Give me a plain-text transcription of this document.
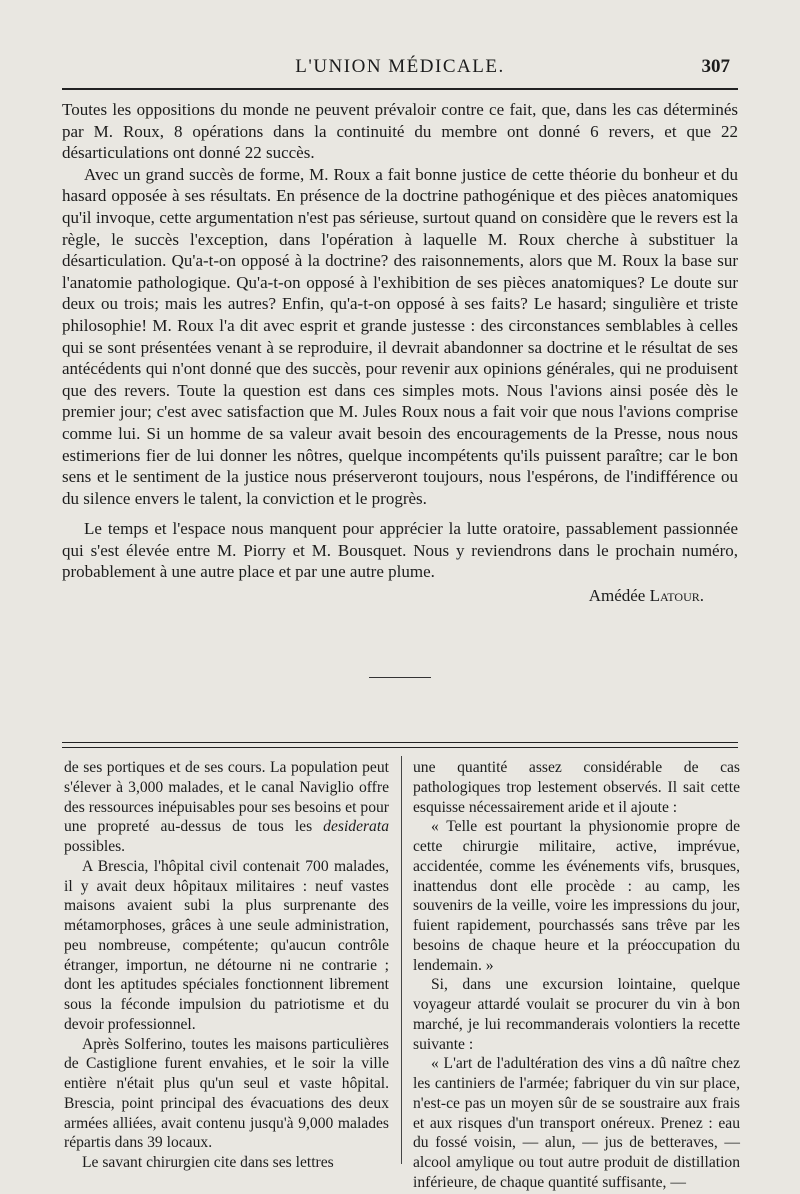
L'UNION MÉDICALE.	307

Toutes les oppositions du monde ne peuvent prévaloir contre ce fait, que, dans les cas déterminés par M. Roux, 8 opérations dans la continuité du membre ont donné 6 revers, et que 22 désarticulations ont donné 22 succès.

Avec un grand succès de forme, M. Roux a fait bonne justice de cette théorie du bonheur et du hasard opposée à ses résultats. En présence de la doctrine pathogénique et des pièces anatomiques qu'il invoque, cette argumentation n'est pas sérieuse, surtout quand on considère que le revers est la règle, le succès l'exception, dans l'opération à laquelle M. Roux cherche à substituer la désarticulation. Qu'a-t-on opposé à la doctrine? des raisonnements, alors que M. Roux la base sur l'anatomie pathologique. Qu'a-t-on opposé à l'exhibition de ses pièces anatomiques? Le doute sur deux ou trois; mais les autres? Enfin, qu'a-t-on opposé à ses faits? Le hasard; singulière et triste philosophie! M. Roux l'a dit avec esprit et grande justesse : des circonstances semblables à celles qui se sont présentées venant à se reproduire, il devrait abandonner sa doctrine et le résultat de ses antécédents qui n'ont donné que des succès, pour revenir aux opinions générales, qui ne produisent que des revers. Toute la question est dans ces simples mots. Nous l'avions ainsi posée dès le premier jour; c'est avec satisfaction que M. Jules Roux nous a fait voir que nous l'avions comprise comme lui. Si un homme de sa valeur avait besoin des encouragements de la Presse, nous nous estimerions fier de lui donner les nôtres, quelque incompétents qu'ils puissent paraître; car le bon sens et le sentiment de la justice nous préserveront toujours, nous l'espérons, de l'indifférence ou du silence envers le talent, la conviction et le progrès.

Le temps et l'espace nous manquent pour apprécier la lutte oratoire, passablement passionnée qui s'est élevée entre M. Piorry et M. Bousquet. Nous y reviendrons dans le prochain numéro, probablement à une autre place et par une autre plume.

Amédée Latour.

de ses portiques et de ses cours. La population peut s'élever à 3,000 malades, et le canal Naviglio offre des ressources inépuisables pour ses besoins et pour une propreté au-dessus de tous les desiderata possibles.

A Brescia, l'hôpital civil contenait 700 malades, il y avait deux hôpitaux militaires : neuf vastes maisons avaient subi la plus surprenante des métamorphoses, grâces à une seule administration, peu nombreuse, compétente; qu'aucun contrôle étranger, importun, ne détourne ni ne contrarie ; dont les aptitudes spéciales fonctionnent librement sous la féconde impulsion du patriotisme et du devoir professionnel.

Après Solferino, toutes les maisons particulières de Castiglione furent envahies, et le soir la ville entière n'était plus qu'un seul et vaste hôpital. Brescia, point principal des évacuations des deux armées alliées, avait contenu jusqu'à 9,000 malades répartis dans 39 locaux.

Le savant chirurgien cite dans ses lettres

une quantité assez considérable de cas pathologiques trop lestement observés. Il sait cette esquisse nécessairement aride et il ajoute :

« Telle est pourtant la physionomie propre de cette chirurgie militaire, active, imprévue, accidentée, comme les événements vifs, brusques, inattendus dont elle procède : au camp, les souvenirs de la veille, voire les impressions du jour, fuient rapidement, pourchassés sans trêve par les besoins de chaque heure et la préoccupation du lendemain. »

Si, dans une excursion lointaine, quelque voyageur attardé voulait se procurer du vin à bon marché, je lui recommanderais volontiers la recette suivante :

« L'art de l'adultération des vins a dû naître chez les cantiniers de l'armée; fabriquer du vin sur place, n'est-ce pas un moyen sûr de se soustraire aux frais et aux risques d'un transport onéreux. Prenez : eau du fossé voisin, — alun, — jus de betteraves, — alcool amylique ou tout autre produit de distillation inférieure, de chaque quantité suffisante, —
